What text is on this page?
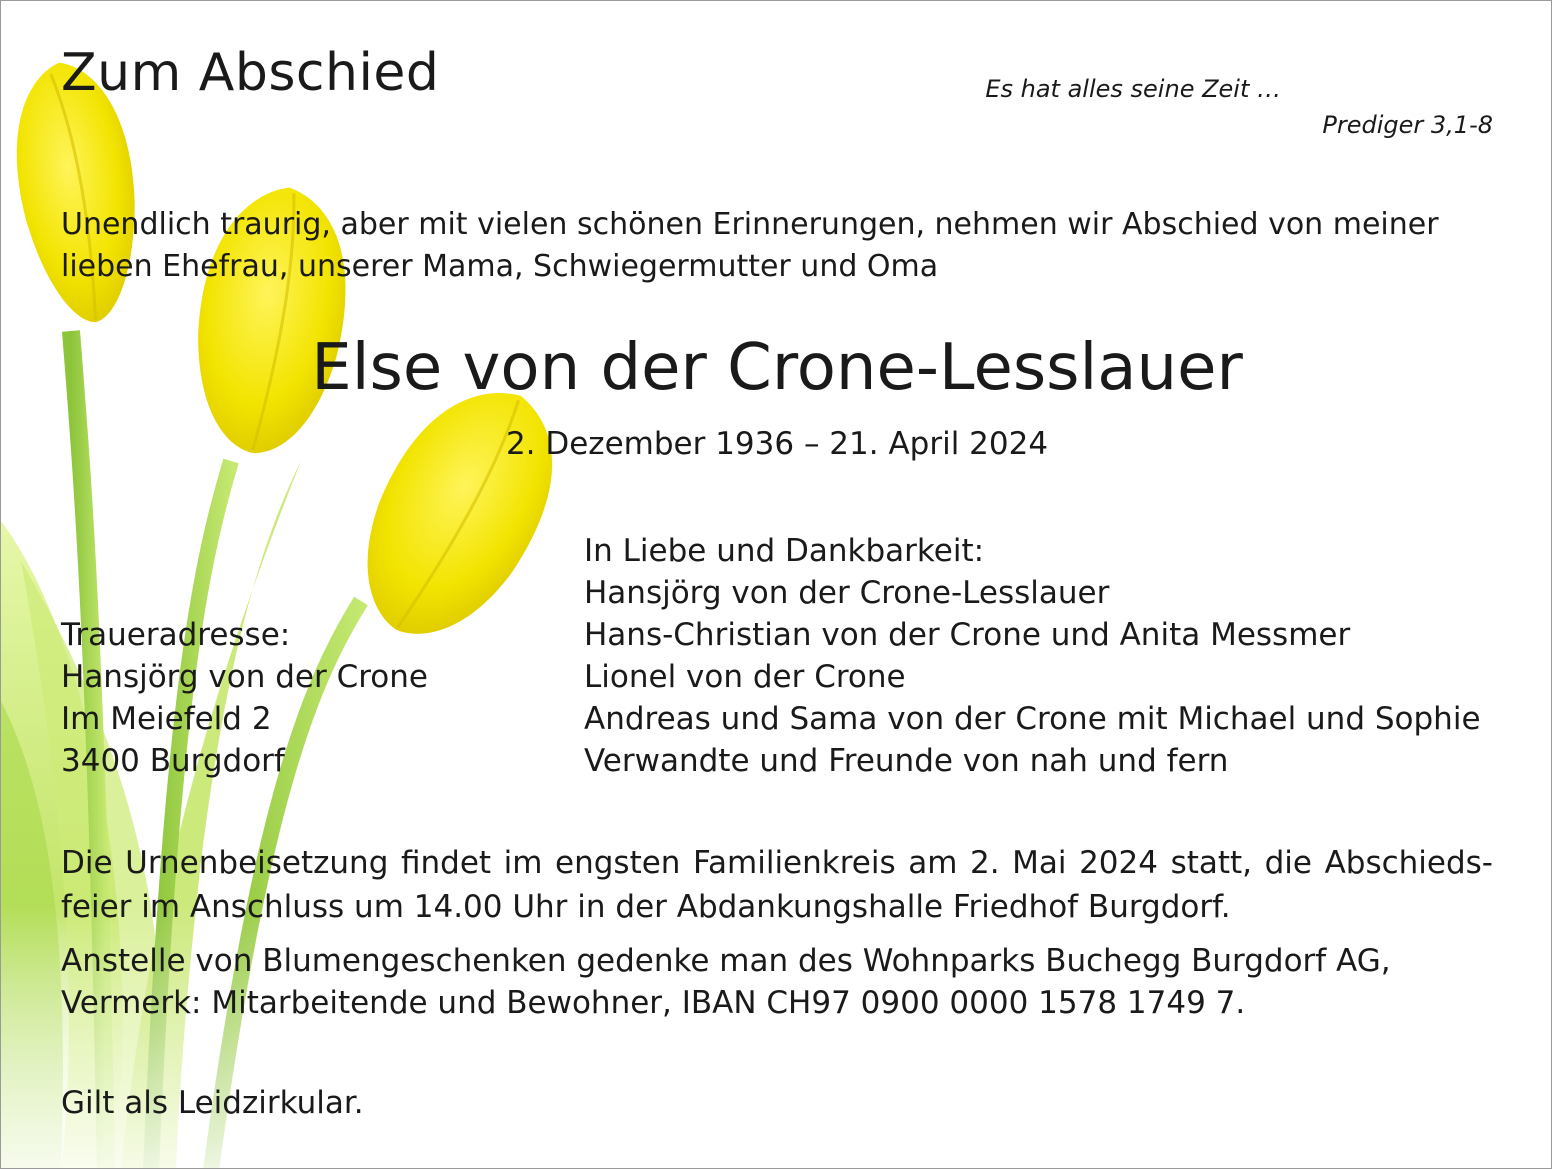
Zum Abschied	Es hat alles seine Zeit …
Prediger 3,1-8
Unendlich traurig, aber mit vielen schönen Erinnerungen, nehmen wir Abschied von meiner
lieben Ehefrau, unserer Mama, Schwiegermutter und Oma
Else von der Crone-Lesslauer
2. Dezember 1936 – 21. April 2024
In Liebe und Dankbarkeit:
Hansjörg von der Crone-Lesslauer
Hans-Christian von der Crone und Anita Messmer
Lionel von der Crone
Andreas und Sama von der Crone mit Michael und Sophie
Verwandte und Freunde von nah und fern
Traueradresse:
Hansjörg von der Crone
Im Meiefeld 2
3400 Burgdorf
Die Urnenbeisetzung findet im engsten Familienkreis am 2. Mai 2024 statt, die Abschieds-
feier im Anschluss um 14.00 Uhr in der Abdankungshalle Friedhof Burgdorf.
Anstelle von Blumengeschenken gedenke man des Wohnparks Buchegg Burgdorf AG,
Vermerk: Mitarbeitende und Bewohner, IBAN CH97 0900 0000 1578 1749 7.
Gilt als Leidzirkular.
